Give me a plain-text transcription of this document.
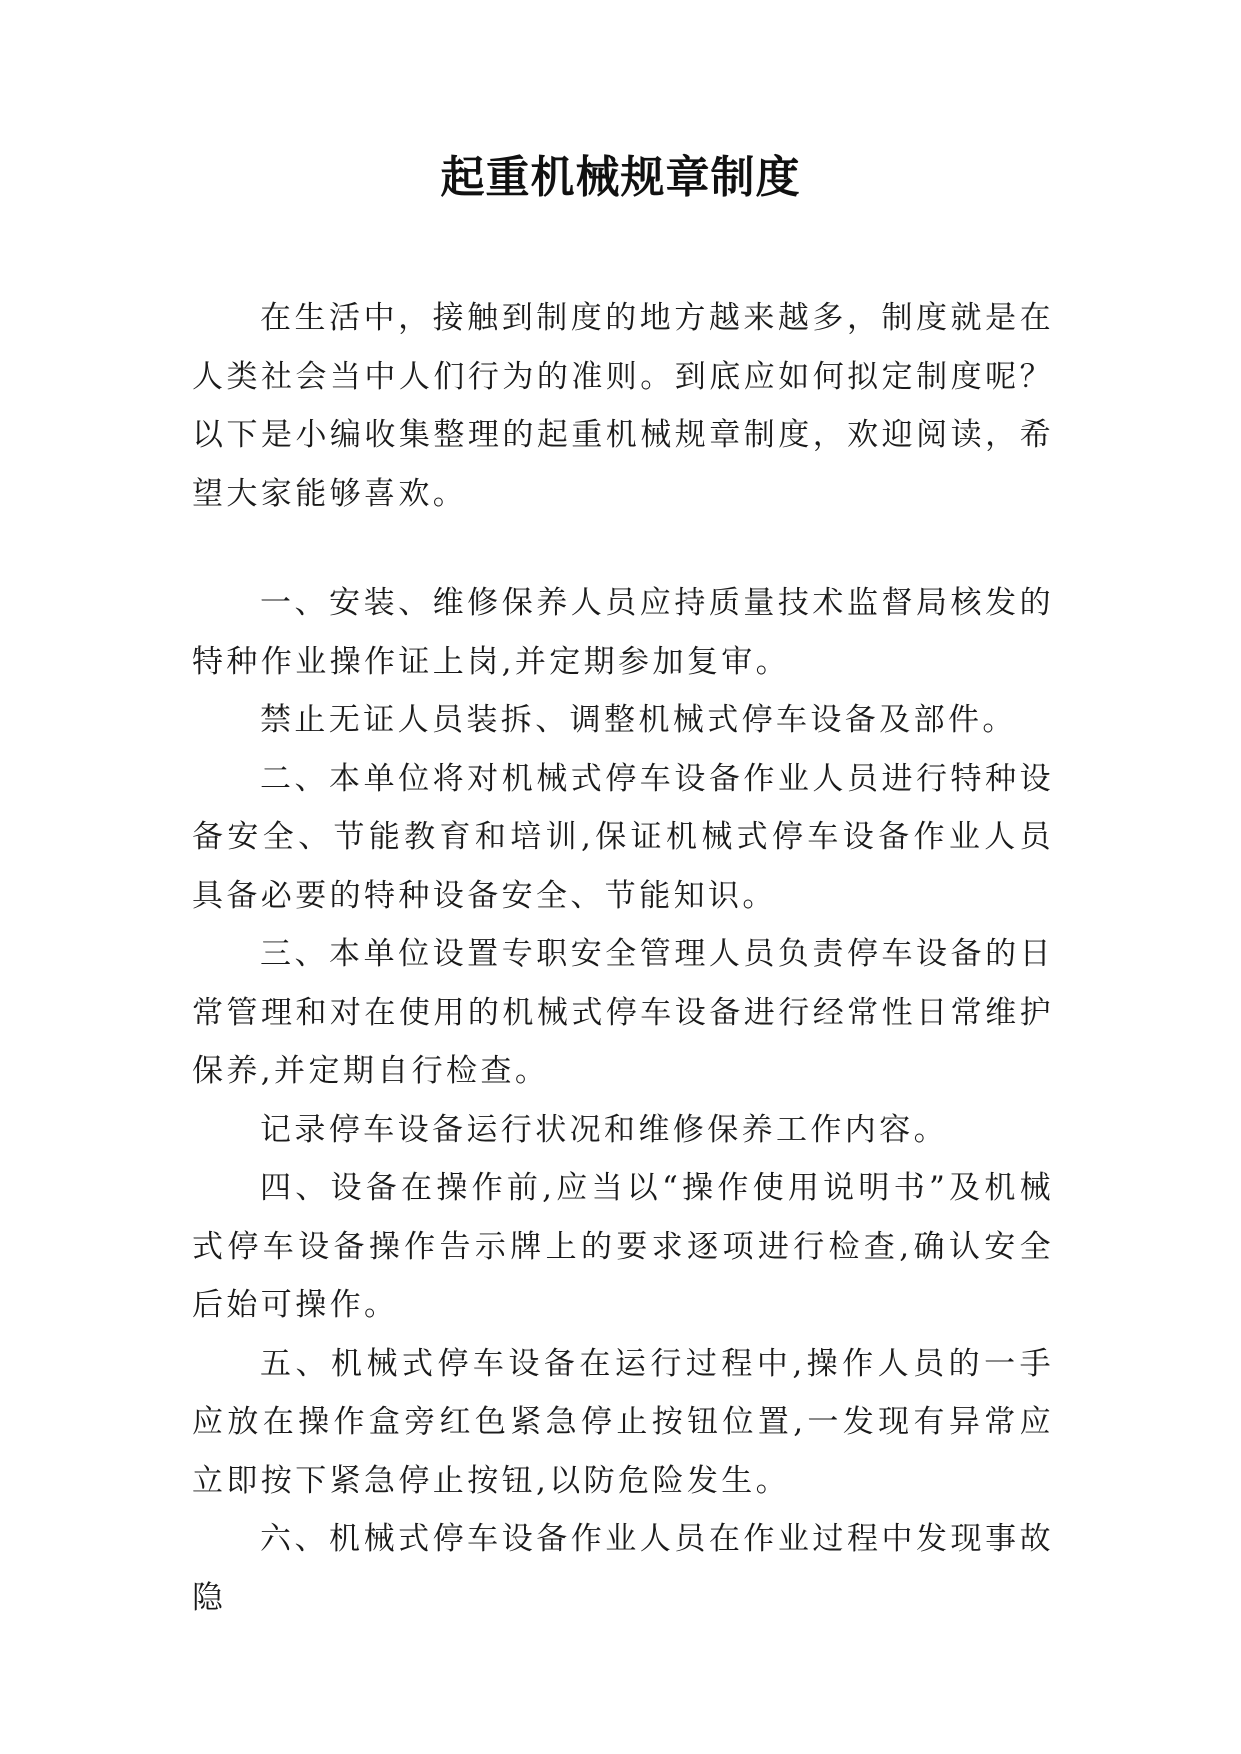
起重机械规章制度

在生活中，接触到制度的地方越来越多，制度就是在人类社会当中人们行为的准则。到底应如何拟定制度呢？以下是小编收集整理的起重机械规章制度，欢迎阅读，希望大家能够喜欢。

一、安装、维修保养人员应持质量技术监督局核发的特种作业操作证上岗,并定期参加复审。

禁止无证人员装拆、调整机械式停车设备及部件。

二、本单位将对机械式停车设备作业人员进行特种设备安全、节能教育和培训,保证机械式停车设备作业人员具备必要的特种设备安全、节能知识。

三、本单位设置专职安全管理人员负责停车设备的日常管理和对在使用的机械式停车设备进行经常性日常维护保养,并定期自行检查。

记录停车设备运行状况和维修保养工作内容。

四、设备在操作前,应当以“操作使用说明书”及机械式停车设备操作告示牌上的要求逐项进行检查,确认安全后始可操作。

五、机械式停车设备在运行过程中,操作人员的一手应放在操作盒旁红色紧急停止按钮位置,一发现有异常应立即按下紧急停止按钮,以防危险发生。

六、机械式停车设备作业人员在作业过程中发现事故隐
